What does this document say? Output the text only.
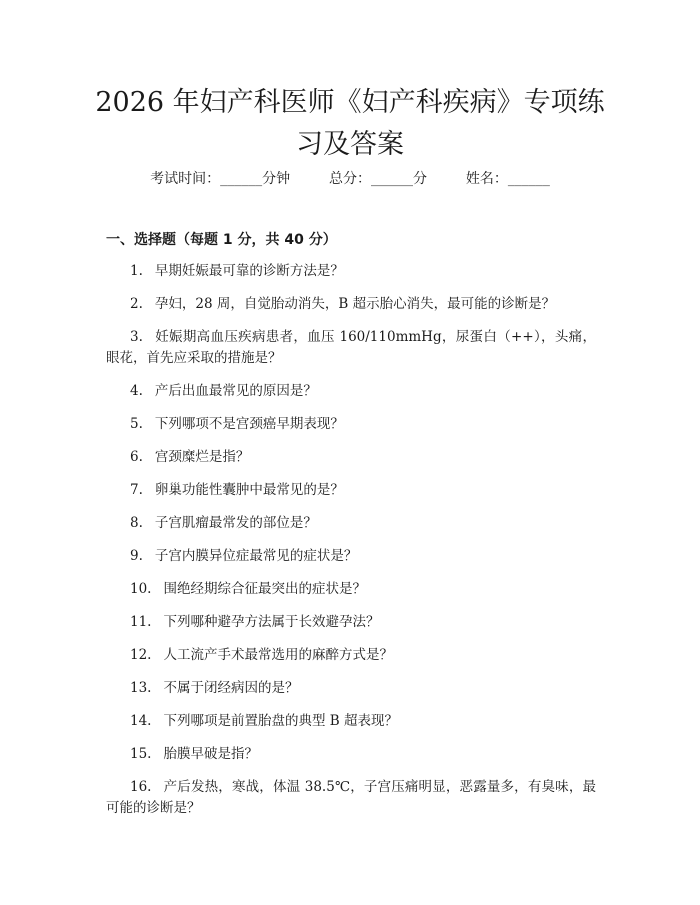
2026 年妇产科医师《妇产科疾病》专项练习及答案
考试时间：______分钟	总分：______分	姓名：______
一、选择题（每题 1 分，共 40 分）

1. 早期妊娠最可靠的诊断方法是？

2. 孕妇，28 周，自觉胎动消失，B 超示胎心消失，最可能的诊断是？

3. 妊娠期高血压疾病患者，血压 160/110mmHg，尿蛋白（++），头痛，眼花，首先应采取的措施是？

4. 产后出血最常见的原因是？

5. 下列哪项不是宫颈癌早期表现？

6. 宫颈糜烂是指？

7. 卵巢功能性囊肿中最常见的是？

8. 子宫肌瘤最常发的部位是？

9. 子宫内膜异位症最常见的症状是？

10. 围绝经期综合征最突出的症状是？

11. 下列哪种避孕方法属于长效避孕法？

12. 人工流产手术最常选用的麻醉方式是？

13. 不属于闭经病因的是？

14. 下列哪项是前置胎盘的典型 B 超表现？

15. 胎膜早破是指？

16. 产后发热，寒战，体温 38.5℃，子宫压痛明显，恶露量多，有臭味，最可能的诊断是？
